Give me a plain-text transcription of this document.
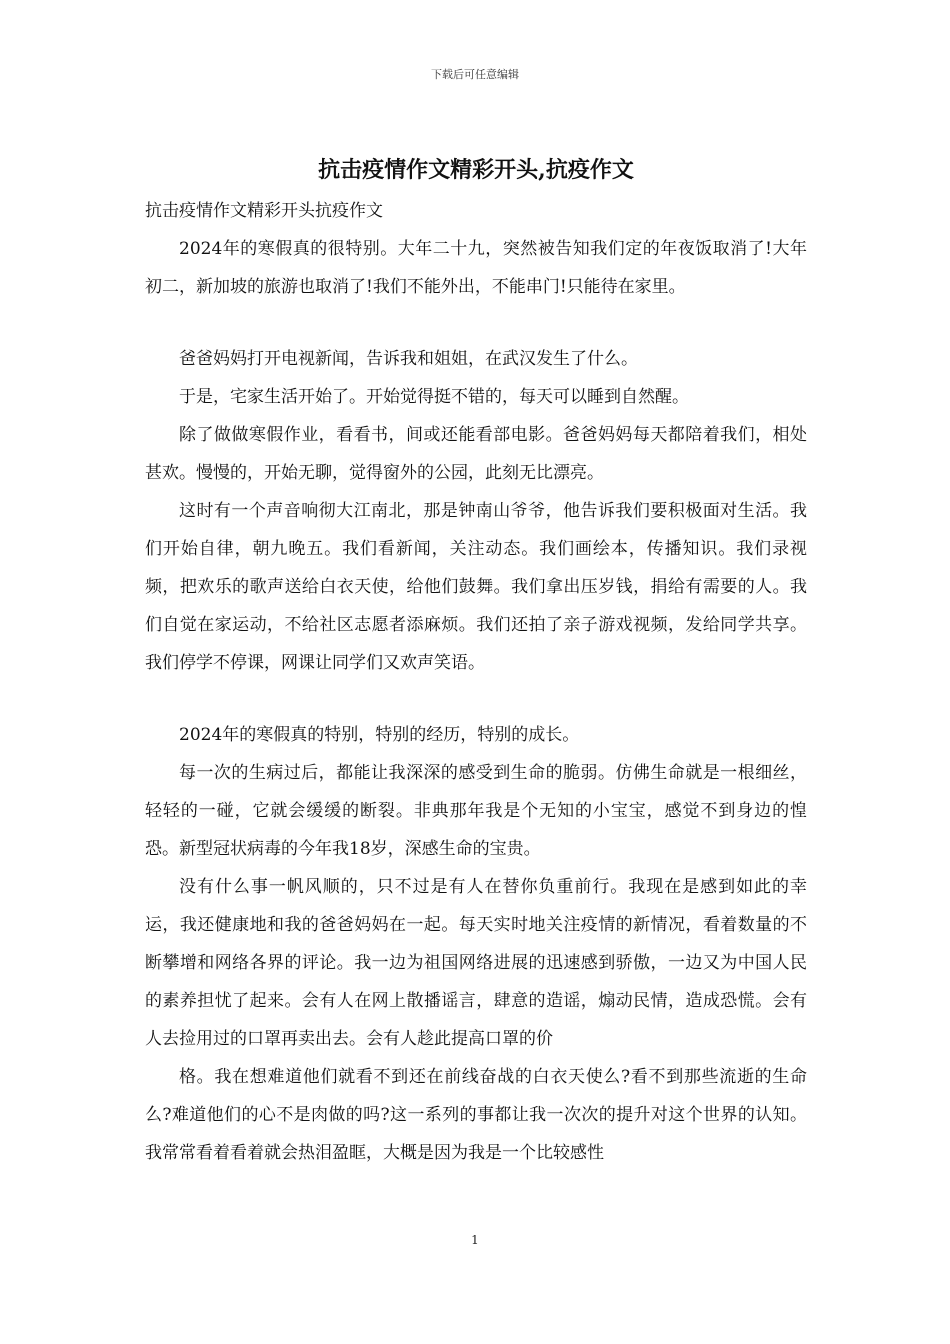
下载后可任意编辑
抗击疫情作文精彩开头,抗疫作文

抗击疫情作文精彩开头抗疫作文

2024年的寒假真的很特别。大年二十九，突然被告知我们定的年夜饭取消了!大年初二，新加坡的旅游也取消了!我们不能外出，不能串门!只能待在家里。

爸爸妈妈打开电视新闻，告诉我和姐姐，在武汉发生了什么。

于是，宅家生活开始了。开始觉得挺不错的，每天可以睡到自然醒。

除了做做寒假作业，看看书，间或还能看部电影。爸爸妈妈每天都陪着我们，相处甚欢。慢慢的，开始无聊，觉得窗外的公园，此刻无比漂亮。

这时有一个声音响彻大江南北，那是钟南山爷爷，他告诉我们要积极面对生活。我们开始自律，朝九晚五。我们看新闻，关注动态。我们画绘本，传播知识。我们录视频，把欢乐的歌声送给白衣天使，给他们鼓舞。我们拿出压岁钱，捐给有需要的人。我们自觉在家运动，不给社区志愿者添麻烦。我们还拍了亲子游戏视频，发给同学共享。我们停学不停课，网课让同学们又欢声笑语。

2024年的寒假真的特别，特别的经历，特别的成长。

每一次的生病过后，都能让我深深的感受到生命的脆弱。仿佛生命就是一根细丝，轻轻的一碰，它就会缓缓的断裂。非典那年我是个无知的小宝宝，感觉不到身边的惶恐。新型冠状病毒的今年我18岁，深感生命的宝贵。

没有什么事一帆风顺的，只不过是有人在替你负重前行。我现在是感到如此的幸运，我还健康地和我的爸爸妈妈在一起。每天实时地关注疫情的新情况，看着数量的不断攀增和网络各界的评论。我一边为祖国网络进展的迅速感到骄傲，一边又为中国人民的素养担忧了起来。会有人在网上散播谣言，肆意的造谣，煽动民情，造成恐慌。会有人去捡用过的口罩再卖出去。会有人趁此提高口罩的价

格。我在想难道他们就看不到还在前线奋战的白衣天使么?看不到那些流逝的生命么?难道他们的心不是肉做的吗?这一系列的事都让我一次次的提升对这个世界的认知。我常常看着看着就会热泪盈眶，大概是因为我是一个比较感性

1
